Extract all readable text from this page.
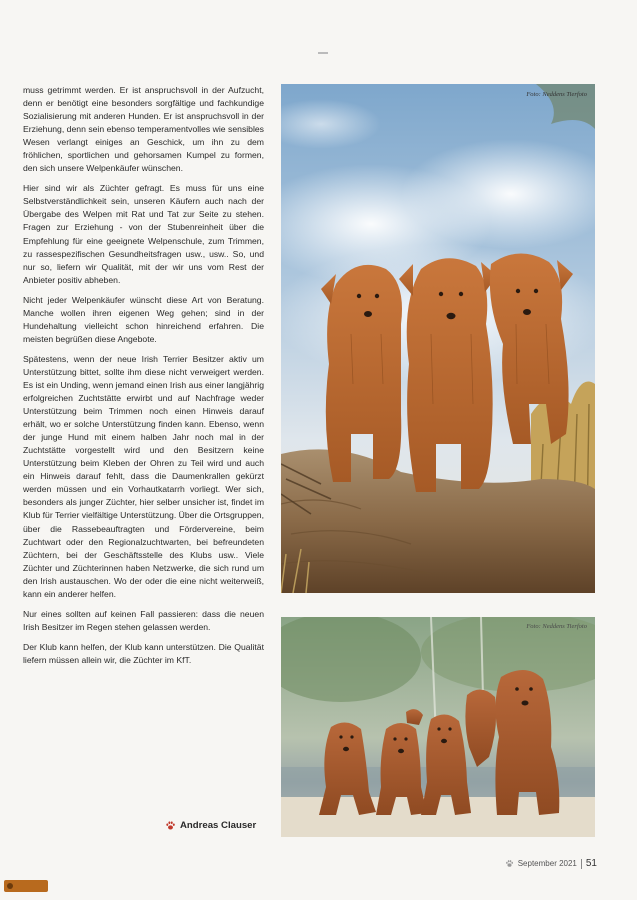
muss getrimmt werden. Er ist anspruchsvoll in der Aufzucht, denn er benötigt eine besonders sorgfältige und fachkundige Sozialisierung mit anderen Hunden. Er ist anspruchsvoll in der Erziehung, denn sein ebenso temperamentvolles wie sensibles Wesen verlangt einiges an Geschick, um ihn zu dem fröhlichen, sportlichen und gehorsamen Kumpel zu formen, den sich unsere Welpenkäufer wünschen.

Hier sind wir als Züchter gefragt. Es muss für uns eine Selbstverständlichkeit sein, unseren Käufern auch nach der Übergabe des Welpen mit Rat und Tat zur Seite zu stehen. Fragen zur Erziehung - von der Stubenreinheit über die Empfehlung für eine geeignete Welpenschule, zum Trimmen, zu rassespezifischen Gesundheitsfragen usw., usw.. So, und nur so, liefern wir Qualität, mit der wir uns vom Rest der Anbieter positiv abheben.

Nicht jeder Welpenkäufer wünscht diese Art von Beratung. Manche wollen ihren eigenen Weg gehen; sind in der Hundehaltung vielleicht schon hinreichend erfahren. Die meisten begrüßen diese Angebote.

Spätestens, wenn der neue Irish Terrier Besitzer aktiv um Unterstützung bittet, sollte ihm diese nicht verweigert werden. Es ist ein Unding, wenn jemand einen Irish aus einer langjährig erfolgreichen Zuchtstätte erwirbt und auf Nachfrage weder Unterstützung beim Trimmen noch einen Hinweis darauf erhält, wo er solche Unterstützung finden kann. Ebenso, wenn der junge Hund mit einem halben Jahr noch mal in der Zuchtstätte vorgestellt wird und den Besitzern keine Unterstützung beim Kleben der Ohren zu Teil wird und auch ein Hinweis darauf fehlt, dass die Daumenkrallen gekürzt werden müssen und ein Vorhautkatarrh vorliegt. Wer sich, besonders als junger Züchter, hier selber unsicher ist, findet im Klub für Terrier vielfältige Unterstützung. Über die Ortsgruppen, über die Rassebeauftragten und Fördervereine, beim Zuchtwart oder den Regionalzuchtwarten, bei befreundeten Züchtern, bei der Geschäftsstelle des Klubs usw.. Viele Züchter und Züchterinnen haben Netzwerke, die sich rund um den Irish austauschen. Wo der oder die eine nicht weiterweiß, kann ein anderer helfen.

Nur eines sollten auf keinen Fall passieren: dass die neuen Irish Besitzer im Regen stehen gelassen werden.

Der Klub kann helfen, der Klub kann unterstützen. Die Qualität liefern müssen allein wir, die Züchter im KfT.

Andreas Clauser
Foto: Neddens Tierfoto
Foto: Neddens Tierfoto
September 2021 51
